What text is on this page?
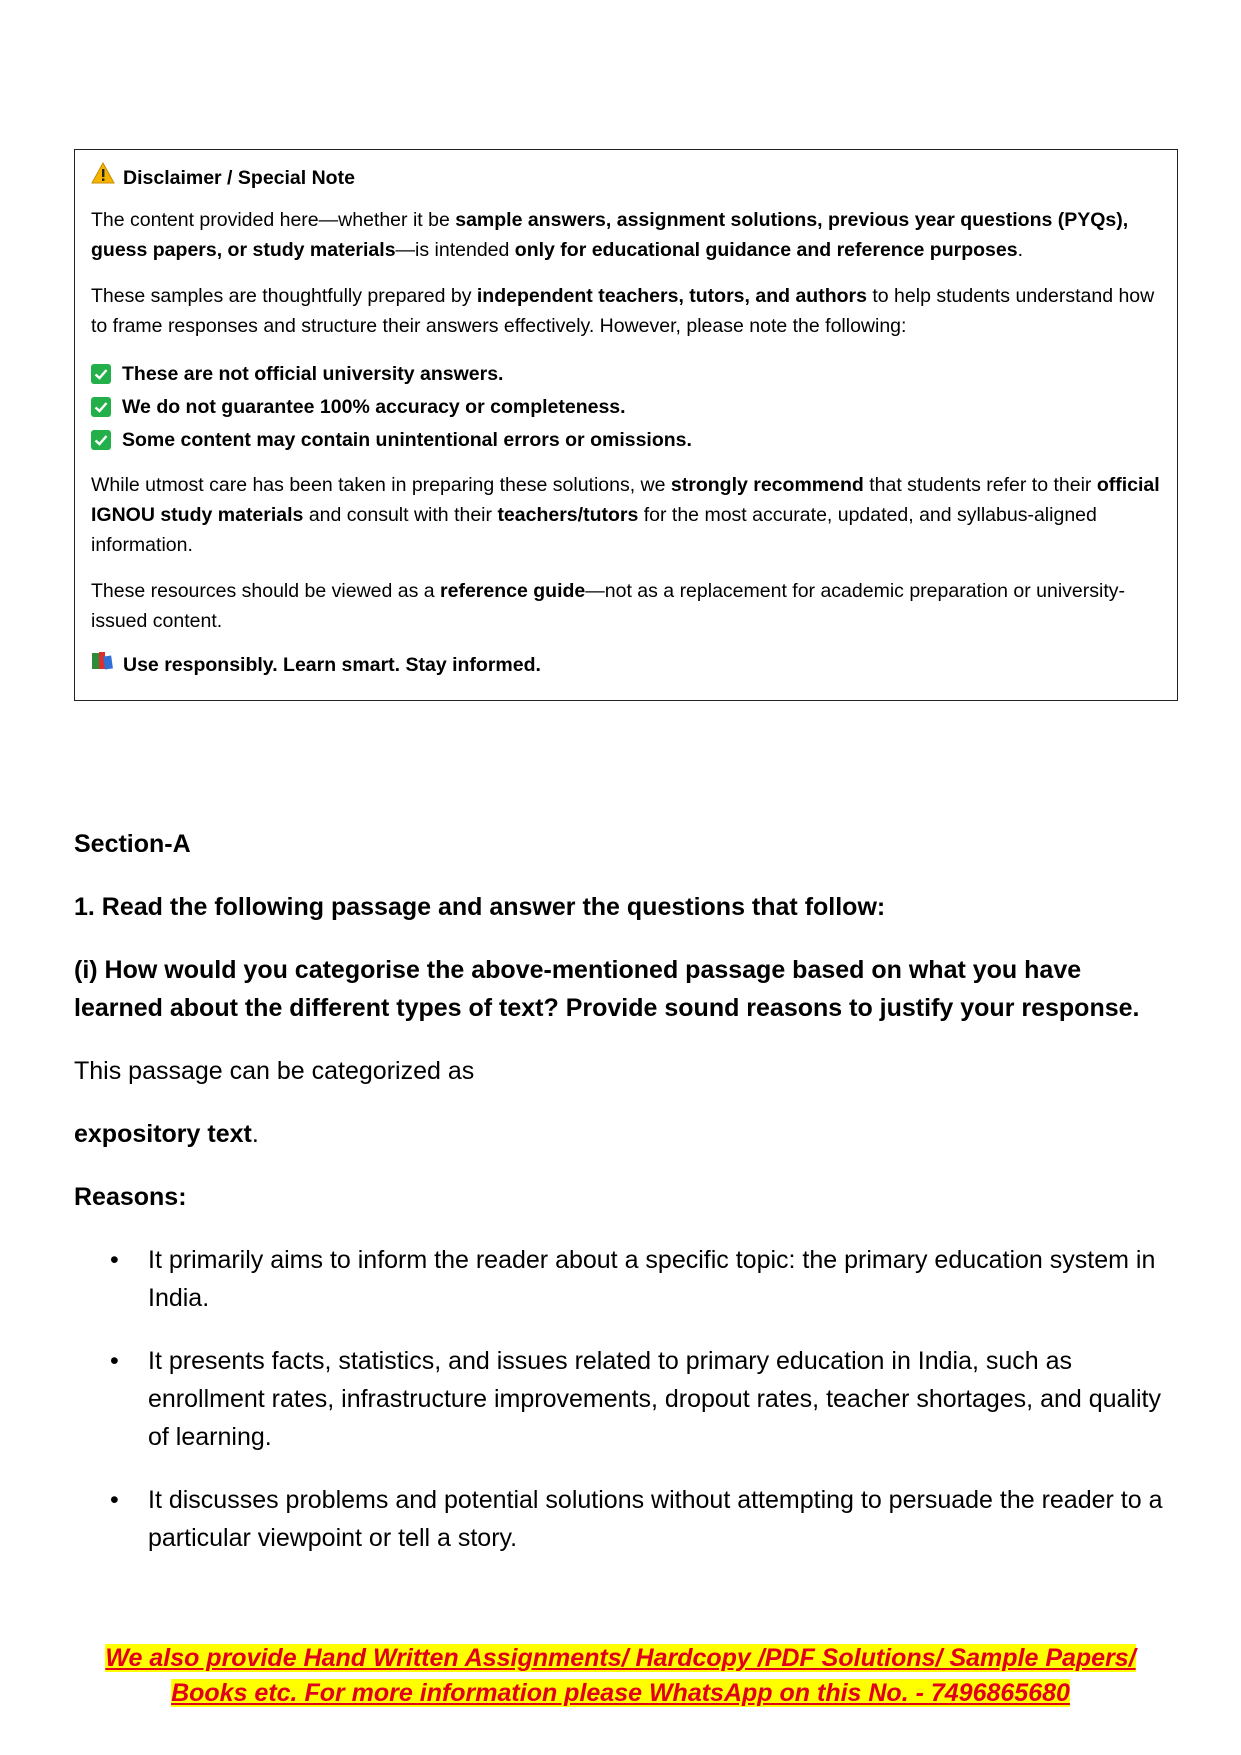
Disclaimer / Special Note

The content provided here—whether it be sample answers, assignment solutions, previous year questions (PYQs), guess papers, or study materials—is intended only for educational guidance and reference purposes.

These samples are thoughtfully prepared by independent teachers, tutors, and authors to help students understand how to frame responses and structure their answers effectively. However, please note the following:

These are not official university answers.
We do not guarantee 100% accuracy or completeness.
Some content may contain unintentional errors or omissions.

While utmost care has been taken in preparing these solutions, we strongly recommend that students refer to their official IGNOU study materials and consult with their teachers/tutors for the most accurate, updated, and syllabus-aligned information.

These resources should be viewed as a reference guide—not as a replacement for academic preparation or university-issued content.

Use responsibly. Learn smart. Stay informed.

Section-A

1. Read the following passage and answer the questions that follow:

(i) How would you categorise the above-mentioned passage based on what you have learned about the different types of text? Provide sound reasons to justify your response.

This passage can be categorized as

expository text.

Reasons:

• It primarily aims to inform the reader about a specific topic: the primary education system in India.
• It presents facts, statistics, and issues related to primary education in India, such as enrollment rates, infrastructure improvements, dropout rates, teacher shortages, and quality of learning.
• It discusses problems and potential solutions without attempting to persuade the reader to a particular viewpoint or tell a story.
We also provide Hand Written Assignments/ Hardcopy /PDF Solutions/ Sample Papers/
Books etc. For more information please WhatsApp on this No. - 7496865680
